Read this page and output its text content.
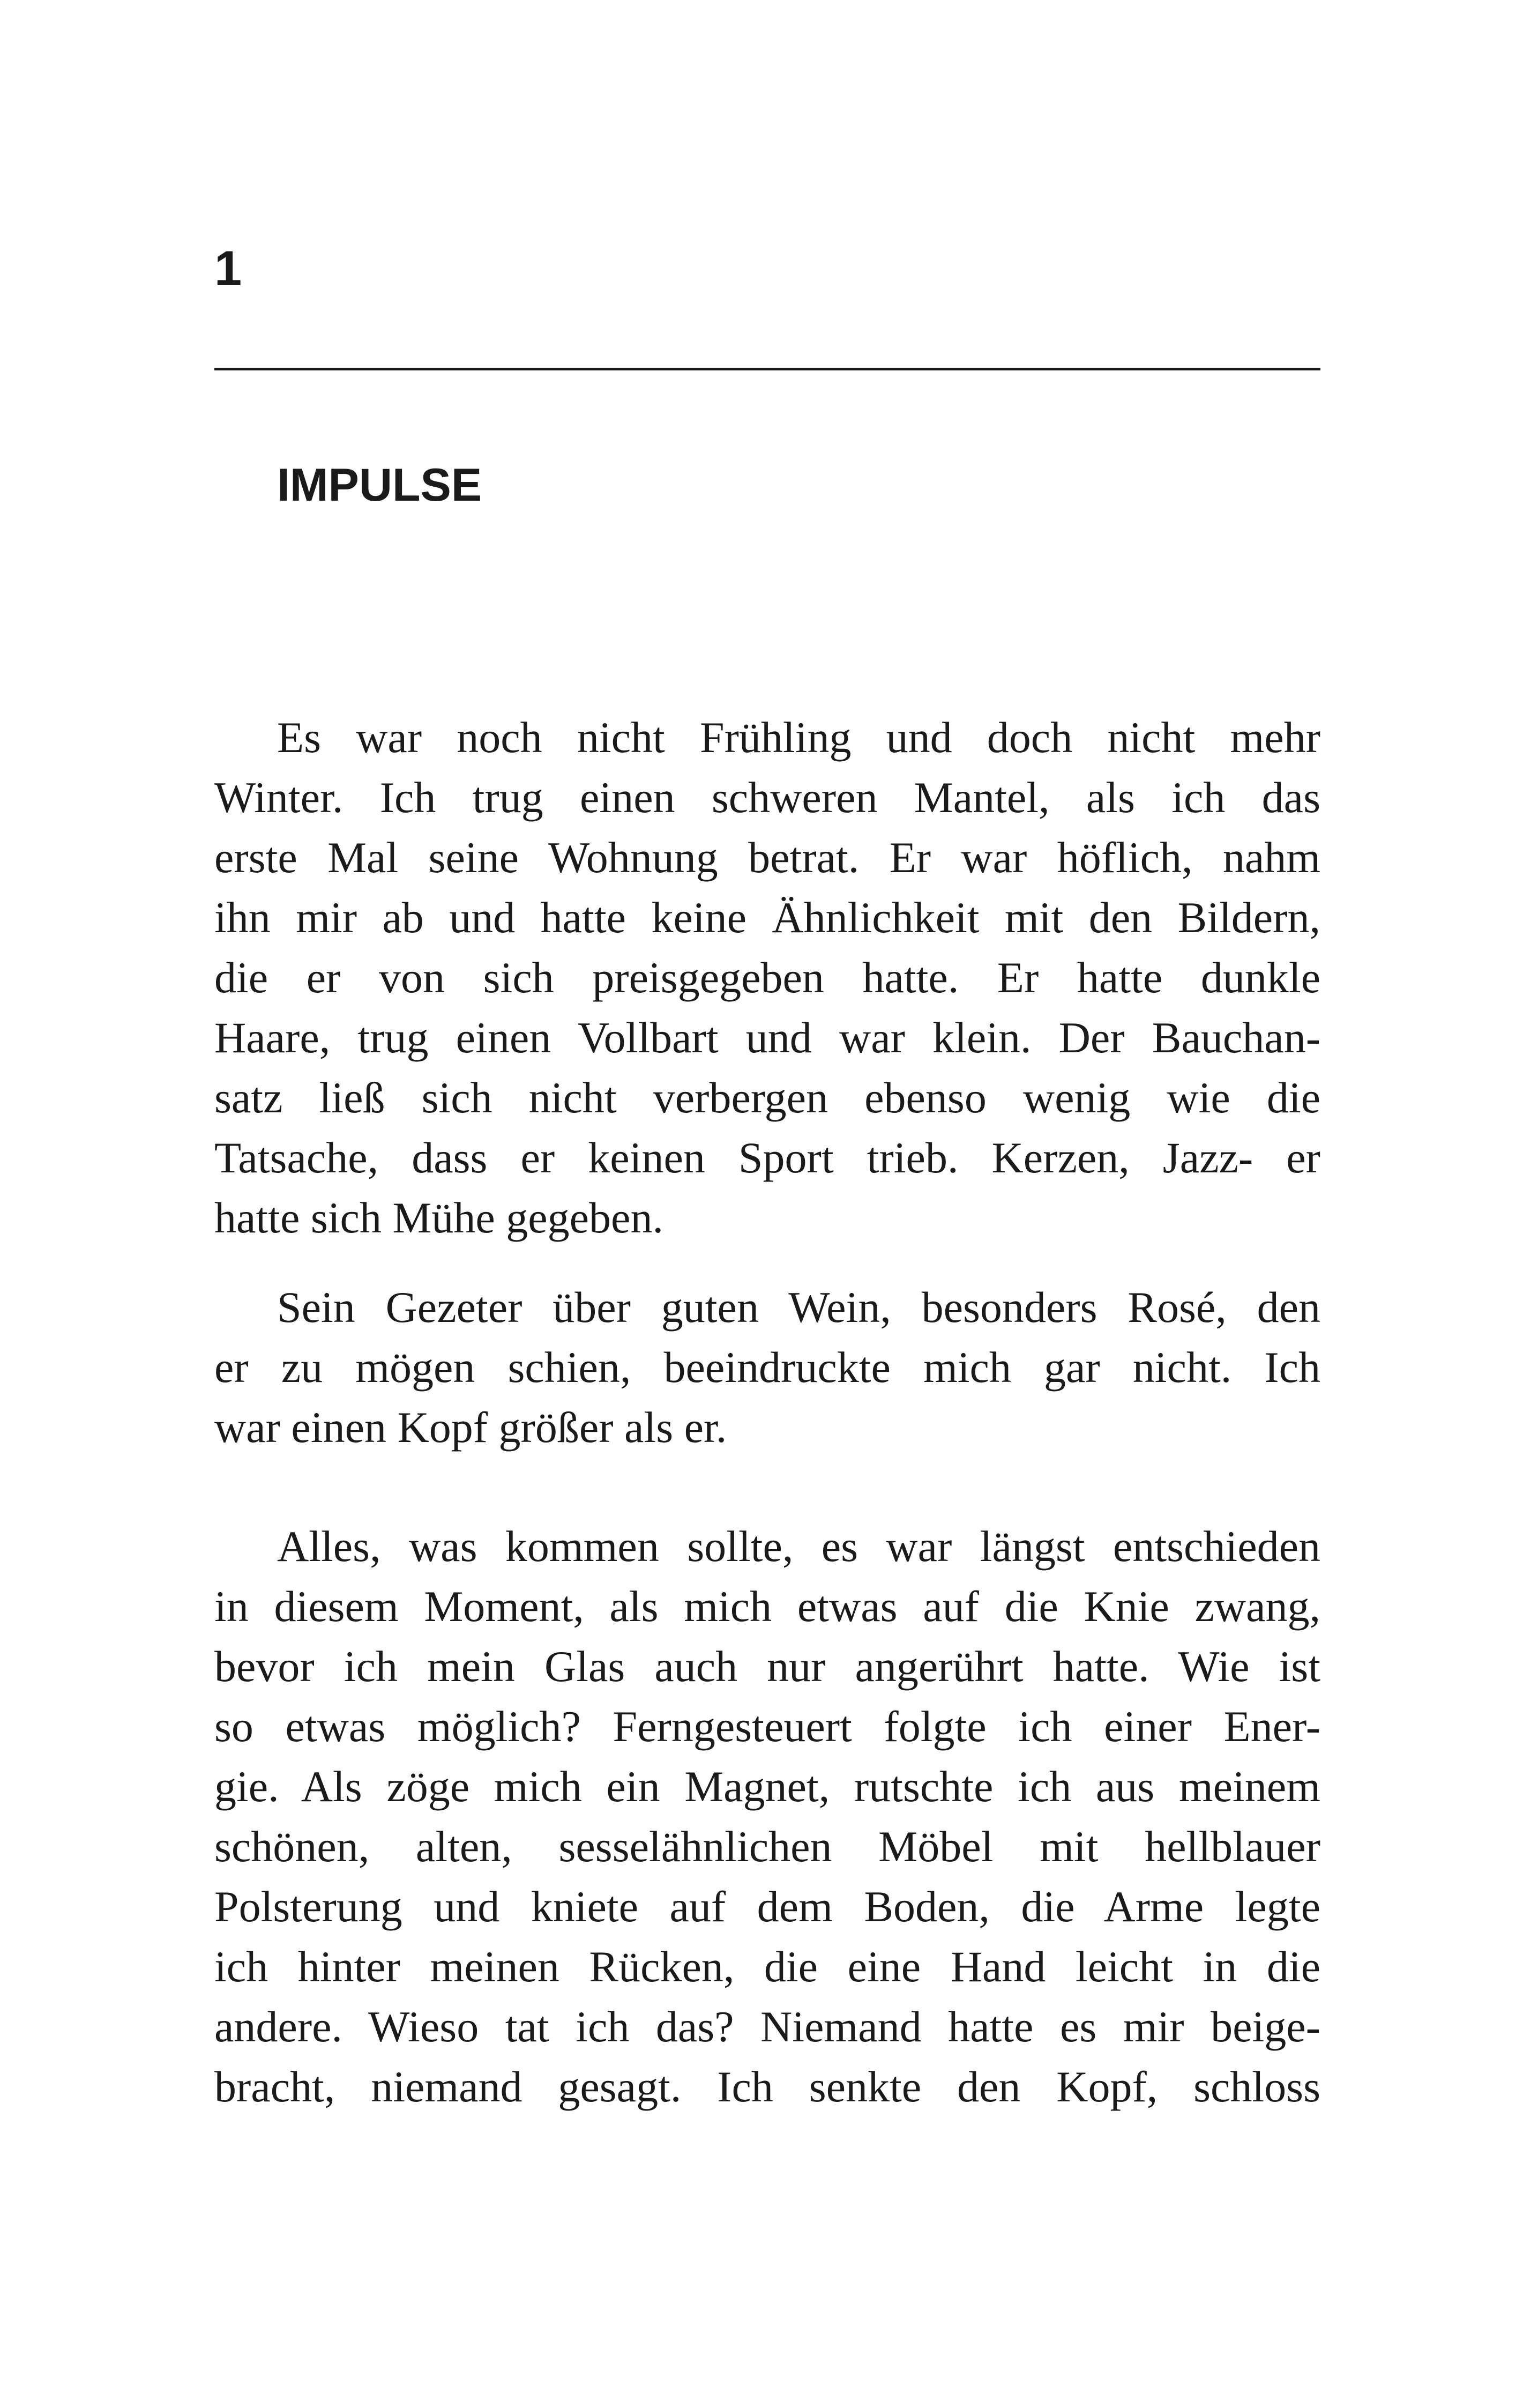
1
IMPULSE
Es war noch nicht Frühling und doch nicht mehr
Winter. Ich trug einen schweren Mantel, als ich das
erste Mal seine Wohnung betrat. Er war höflich, nahm
ihn mir ab und hatte keine Ähnlichkeit mit den Bildern,
die er von sich preisgegeben hatte. Er hatte dunkle
Haare, trug einen Vollbart und war klein. Der Bauchan-
satz ließ sich nicht verbergen ebenso wenig wie die
Tatsache, dass er keinen Sport trieb. Kerzen, Jazz- er
hatte sich Mühe gegeben.
Sein Gezeter über guten Wein, besonders Rosé, den
er zu mögen schien, beeindruckte mich gar nicht. Ich
war einen Kopf größer als er.
Alles, was kommen sollte, es war längst entschieden
in diesem Moment, als mich etwas auf die Knie zwang,
bevor ich mein Glas auch nur angerührt hatte. Wie ist
so etwas möglich? Ferngesteuert folgte ich einer Ener-
gie. Als zöge mich ein Magnet, rutschte ich aus meinem
schönen, alten, sesselähnlichen Möbel mit hellblauer
Polsterung und kniete auf dem Boden, die Arme legte
ich hinter meinen Rücken, die eine Hand leicht in die
andere. Wieso tat ich das? Niemand hatte es mir beige-
bracht, niemand gesagt. Ich senkte den Kopf, schloss
